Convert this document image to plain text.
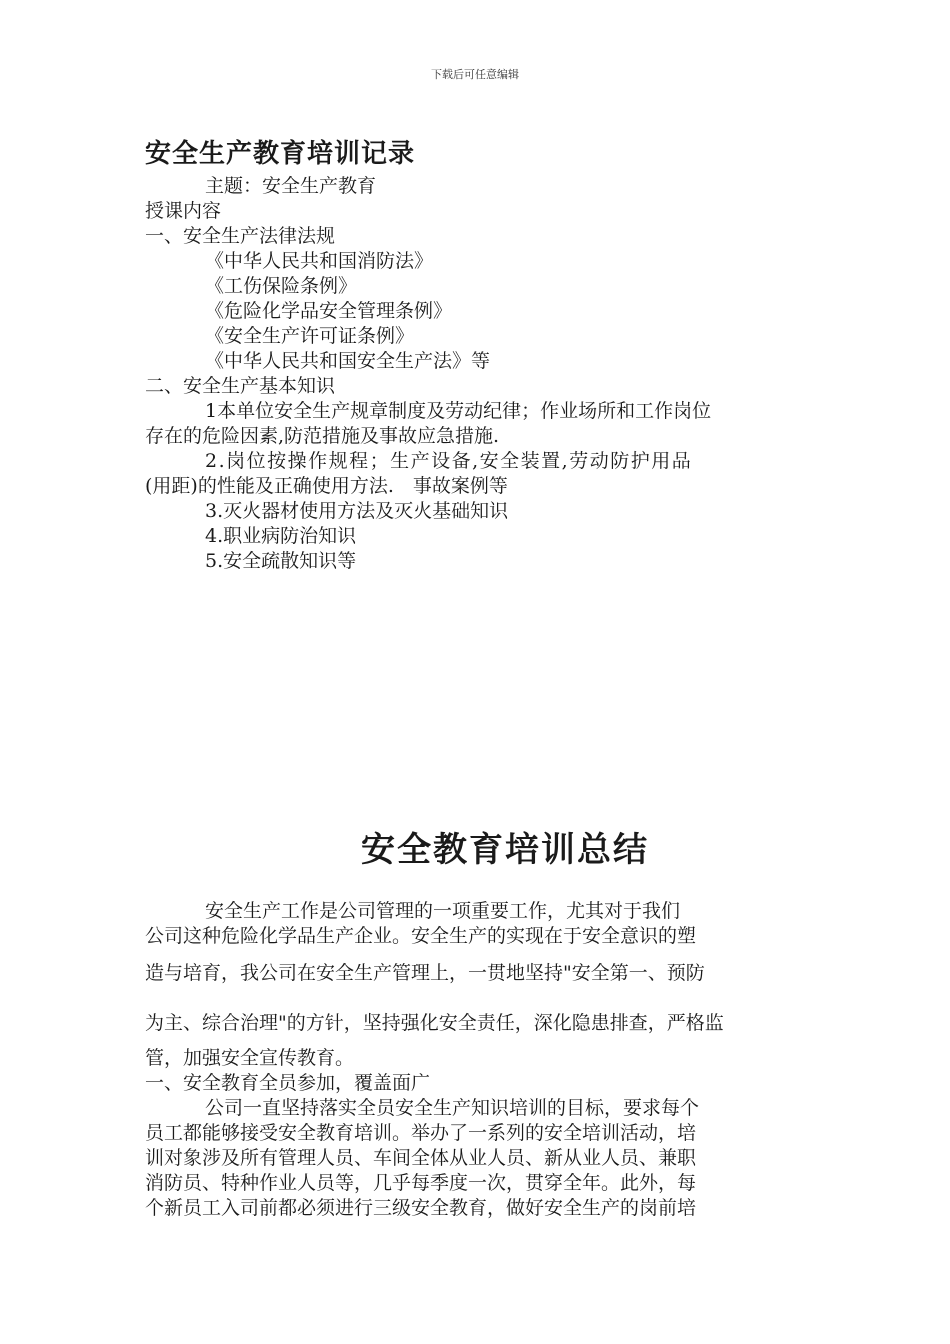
下载后可任意编辑
安全生产教育培训记录
主题：安全生产教育
授课内容
一、安全生产法律法规
《中华人民共和国消防法》
《工伤保险条例》
《危险化学品安全管理条例》
《安全生产许可证条例》
《中华人民共和国安全生产法》等
二、安全生产基本知识
1本单位安全生产规章制度及劳动纪律；作业场所和工作岗位
存在的危险因素,防范措施及事故应急措施.
2.岗位按操作规程；生产设备,安全装置,劳动防护用品
(用距)的性能及正确使用方法.　事故案例等
3.灭火器材使用方法及灭火基础知识
4.职业病防治知识
5.安全疏散知识等
安全教育培训总结
安全生产工作是公司管理的一项重要工作，尤其对于我们
公司这种危险化学品生产企业。安全生产的实现在于安全意识的塑
造与培育，我公司在安全生产管理上，一贯地坚持"安全第一、预防
为主、综合治理"的方针，坚持强化安全责任，深化隐患排查，严格监
管，加强安全宣传教育。
一、安全教育全员参加，覆盖面广
公司一直坚持落实全员安全生产知识培训的目标，要求每个
员工都能够接受安全教育培训。举办了一系列的安全培训活动，培
训对象涉及所有管理人员、车间全体从业人员、新从业人员、兼职
消防员、特种作业人员等，几乎每季度一次，贯穿全年。此外，每
个新员工入司前都必须进行三级安全教育，做好安全生产的岗前培
